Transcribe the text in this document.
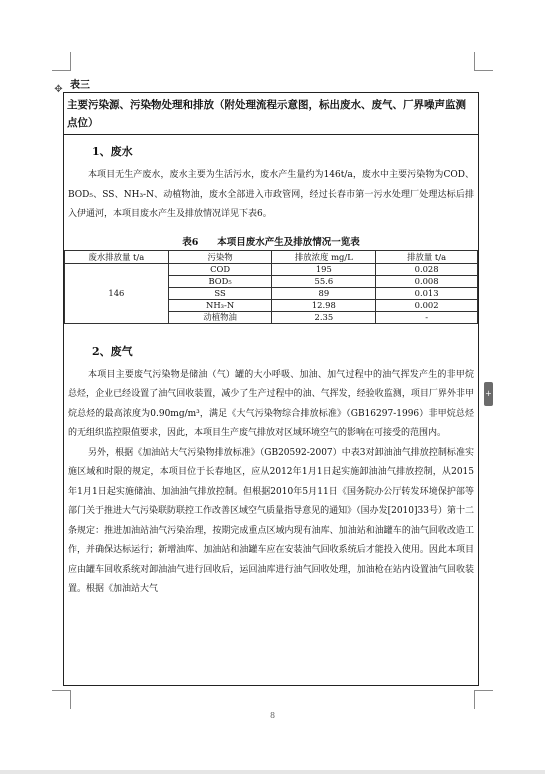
表三
✥
主要污染源、污染物处理和排放（附处理流程示意图，标出废水、废气、厂界噪声监测点位）
1、废水

本项目无生产废水，废水主要为生活污水，废水产生量约为146t/a，废水中主要污染物为COD、BOD₅、SS、NH₃-N、动植物油，废水全部进入市政管网，经过长春市第一污水处理厂处理达标后排入伊通河，本项目废水产生及排放情况详见下表6。

表6　　本项目废水产生及排放情况一览表
废水排放量 t/a	污染物	排放浓度 mg/L	排放量 t/a
146	COD	195	0.028
	BOD₅	55.6	0.008
	SS	89	0.013
	NH₃-N	12.98	0.002
	动植物油	2.35	-
2、废气

本项目主要废气污染物是储油（气）罐的大小呼吸、加油、加气过程中的油气挥发产生的非甲烷总烃，企业已经设置了油气回收装置，减少了生产过程中的油、气挥发，经验收监测，项目厂界外非甲烷总烃的最高浓度为0.90mg/m³，满足《大气污染物综合排放标准》（GB16297-1996）非甲烷总烃的无组织监控限值要求，因此，本项目生产废气排放对区域环境空气的影响在可接受的范围内。

另外，根据《加油站大气污染物排放标准》（GB20592-2007）中表3对卸油油气排放控制标准实施区域和时限的规定，本项目位于长春地区，应从2012年1月1日起实施卸油油气排放控制，从2015年1月1日起实施储油、加油油气排放控制。但根据2010年5月11日《国务院办公厅转发环境保护部等部门关于推进大气污染联防联控工作改善区域空气质量指导意见的通知》（国办发[2010]33号）第十二条规定：推进加油站油气污染治理，按期完成重点区域内现有油库、加油站和油罐车的油气回收改造工作，并确保达标运行；新增油库、加油站和油罐车应在安装油气回收系统后才能投入使用。因此本项目应由罐车回收系统对卸油油气进行回收后，运回油库进行油气回收处理，加油枪在站内设置油气回收装置。根据《加油站大气

8
+
